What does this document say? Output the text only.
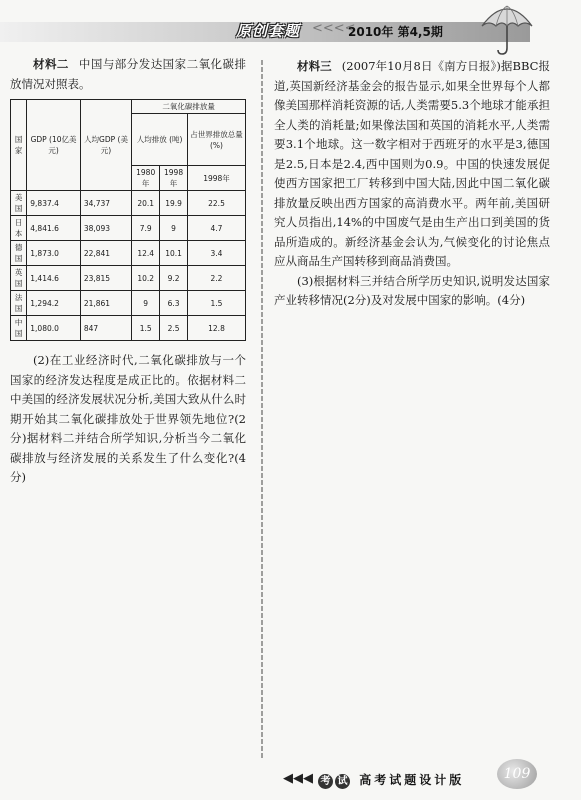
原创套题 <<<<
2010年 第4,5期

材料二 中国与部分发达国家二氧化碳排放情况对照表。

国家	GDP (10亿美元)	人均GDP (美元)	二氧化碳排放量		
			人均排放 (吨)		占世界排放总量(%)
			1980年	1998年	1998年
美国	9,837.4	34,737	20.1	19.9	22.5
日本	4,841.6	38,093	7.9	9	4.7
德国	1,873.0	22,841	12.4	10.1	3.4
英国	1,414.6	23,815	10.2	9.2	2.2
法国	1,294.2	21,861	9	6.3	1.5
中国	1,080.0	847	1.5	2.5	12.8

(2)在工业经济时代,二氧化碳排放与一个国家的经济发达程度是成正比的。依据材料二中美国的经济发展状况分析,美国大致从什么时期开始其二氧化碳排放处于世界领先地位?(2分)据材料二并结合所学知识,分析当今二氧化碳排放与经济发展的关系发生了什么变化?(4分)

材料三 (2007年10月8日《南方日报》)据BBC报道,英国新经济基金会的报告显示,如果全世界每个人都像美国那样消耗资源的话,人类需要5.3个地球才能承担全人类的消耗量;如果像法国和英国的消耗水平,人类需要3.1个地球。这一数字相对于西班牙的水平是3,德国是2.5,日本是2.4,西中国则为0.9。中国的快速发展促使西方国家把工厂转移到中国大陆,因此中国二氧化碳排放量反映出西方国家的高消费水平。两年前,美国研究人员指出,14%的中国废气是由生产出口到美国的货品所造成的。新经济基金会认为,气候变化的讨论焦点应从商品生产国转移到商品消费国。

(3)根据材料三并结合所学历史知识,说明发达国家产业转移情况(2分)及对发展中国家的影响。(4分)

◀◀◀ 考 试 高考试题设计版	109
